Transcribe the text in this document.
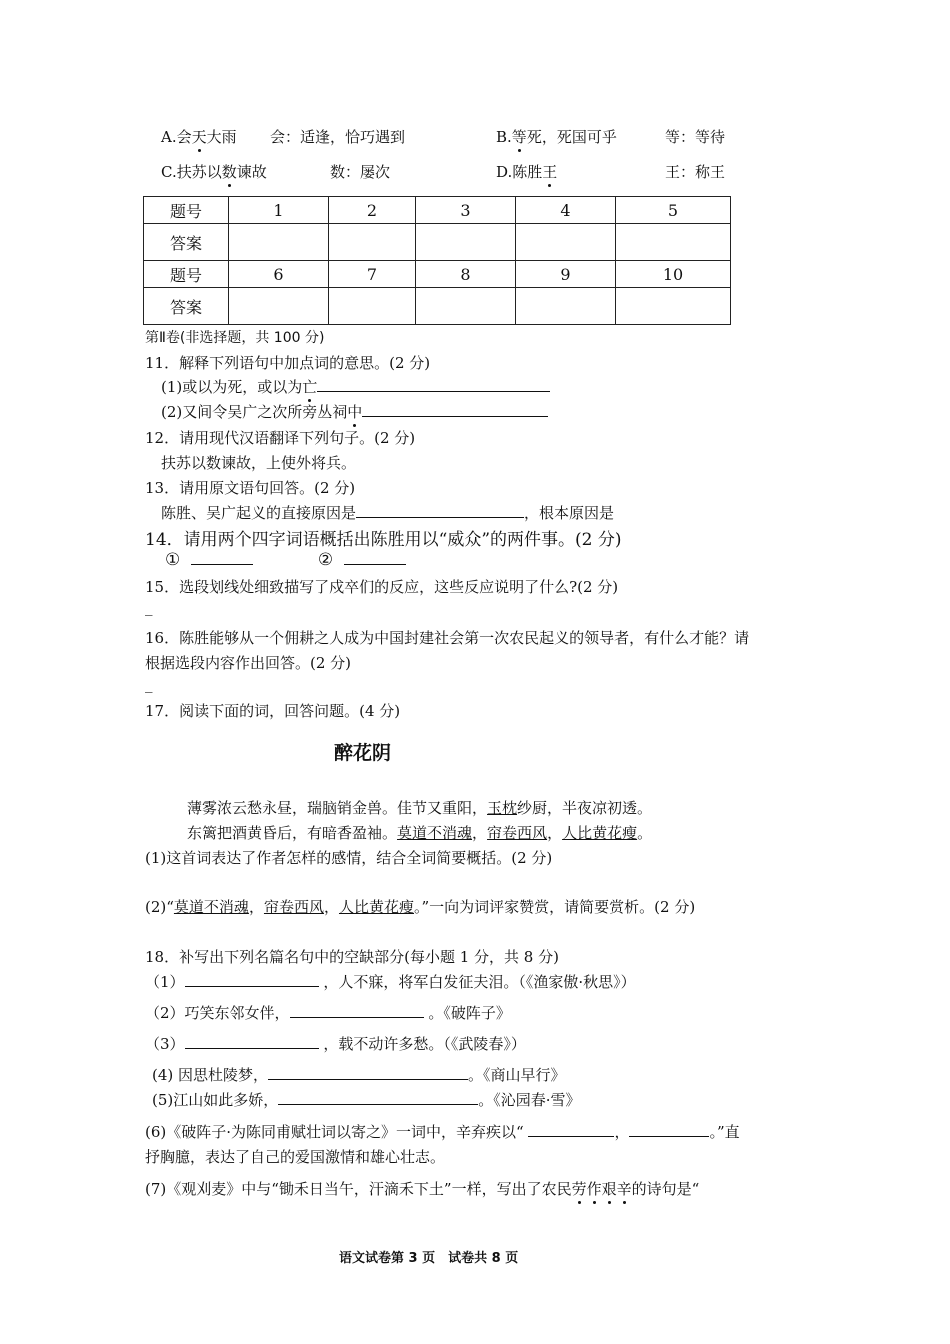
A.会天大雨 会：适逢，恰巧遇到	B.等死，死国可乎	等：等待
C.扶苏以数谏故	数：屡次	D.陈胜王	王：称王
题号	1	2	3	4	5
答案					
题号	6	7	8	9	10
答案					
第Ⅱ卷(非选择题，共 100 分)
11．解释下列语句中加点词的意思。(2 分)
(1)或以为死，或以为亡
(2)又间令吴广之次所旁丛祠中
12．请用现代汉语翻译下列句子。(2 分)
扶苏以数谏故，上使外将兵。
13．请用原文语句回答。(2 分)
陈胜、吴广起义的直接原因是	，根本原因是
14．请用两个四字词语概括出陈胜用以“威众”的两件事。(2 分)
①	②
15．选段划线处细致描写了戍卒们的反应，这些反应说明了什么?(2 分)
_
16．陈胜能够从一个佣耕之人成为中国封建社会第一次农民起义的领导者，有什么才能？请
根据选段内容作出回答。(2 分)
_
17．阅读下面的词，回答问题。(4 分)
醉花阴
薄雾浓云愁永昼，瑞脑销金兽。佳节又重阳，玉枕纱厨，半夜凉初透。
东篱把酒黄昏后，有暗香盈袖。莫道不消魂，帘卷西风，人比黄花瘦。
(1)这首词表达了作者怎样的感情，结合全词简要概括。(2 分)
(2)“莫道不消魂，帘卷西风，人比黄花瘦。”一向为词评家赞赏，请简要赏析。(2 分)
18．补写出下列名篇名句中的空缺部分(每小题 1 分，共 8 分)
（1）	，人不寐，将军白发征夫泪。（《渔家傲·秋思》）
（2）巧笑东邻女伴，	。《破阵子》
（3）	，载不动许多愁。（《武陵春》）
(4) 因思杜陵梦，	。《商山早行》
(5)江山如此多娇，	。《沁园春·雪》
(6)《破阵子·为陈同甫赋壮词以寄之》一词中，辛弃疾以“	，	。”直
抒胸臆，表达了自己的爱国激情和雄心壮志。
(7)《观刈麦》中与“锄禾日当午，汗滴禾下土”一样，写出了农民劳作艰辛的诗句是“
语文试卷第 3 页　试卷共 8 页
